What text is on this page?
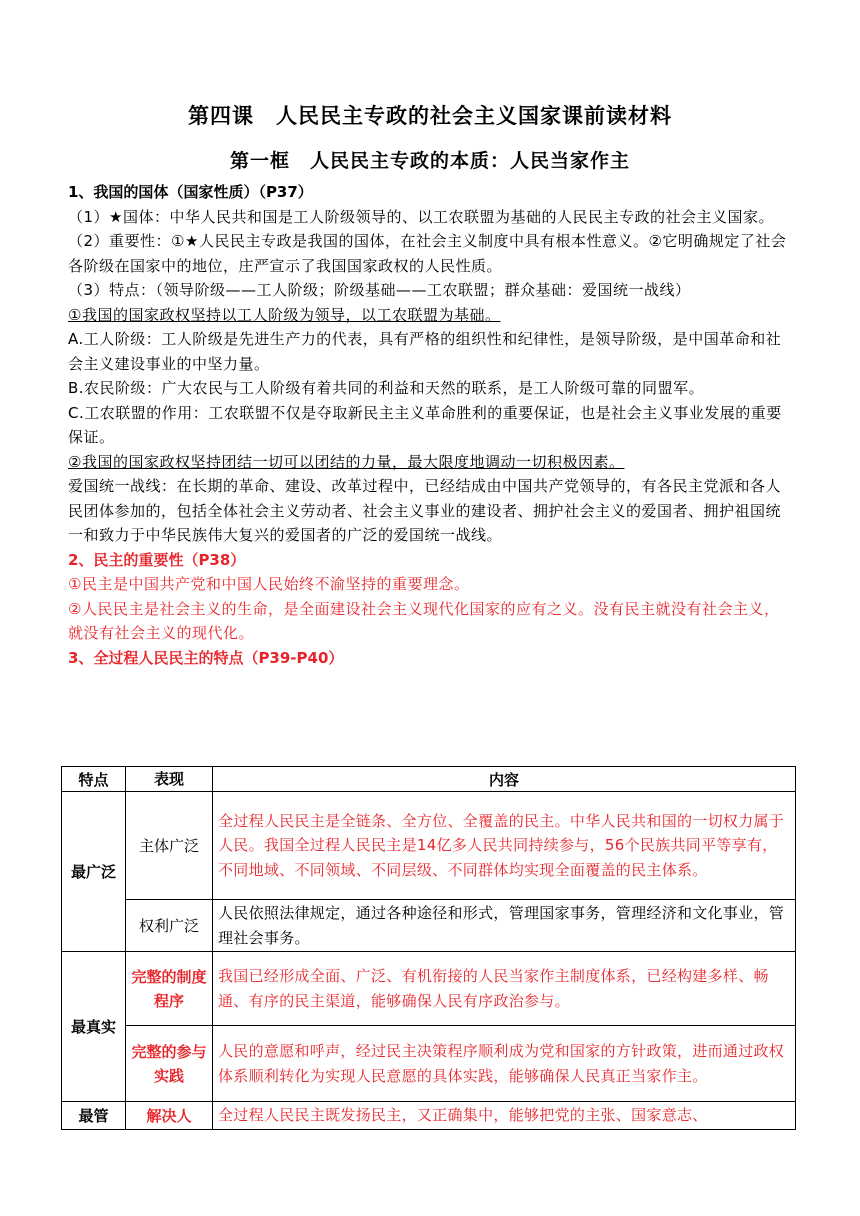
第四课　人民民主专政的社会主义国家课前读材料
第一框　人民民主专政的本质：人民当家作主

1、我国的国体（国家性质）（P37）

（1）★国体：中华人民共和国是工人阶级领导的、以工农联盟为基础的人民民主专政的社会主义国家。

（2）重要性：①★人民民主专政是我国的国体，在社会主义制度中具有根本性意义。②它明确规定了社会各阶级在国家中的地位，庄严宣示了我国国家政权的人民性质。

（3）特点：（领导阶级——工人阶级；阶级基础——工农联盟；群众基础：爱国统一战线）

①我国的国家政权坚持以工人阶级为领导，以工农联盟为基础。

A.工人阶级：工人阶级是先进生产力的代表，具有严格的组织性和纪律性，是领导阶级，是中国革命和社会主义建设事业的中坚力量。

B.农民阶级：广大农民与工人阶级有着共同的利益和天然的联系，是工人阶级可靠的同盟军。

C.工农联盟的作用：工农联盟不仅是夺取新民主主义革命胜利的重要保证，也是社会主义事业发展的重要保证。

②我国的国家政权坚持团结一切可以团结的力量，最大限度地调动一切积极因素。

爱国统一战线：在长期的革命、建设、改革过程中，已经结成由中国共产党领导的，有各民主党派和各人民团体参加的，包括全体社会主义劳动者、社会主义事业的建设者、拥护社会主义的爱国者、拥护祖国统一和致力于中华民族伟大复兴的爱国者的广泛的爱国统一战线。

2、民主的重要性（P38）

①民主是中国共产党和中国人民始终不渝坚持的重要理念。

②人民民主是社会主义的生命，是全面建设社会主义现代化国家的应有之义。没有民主就没有社会主义，就没有社会主义的现代化。

3、全过程人民民主的特点（P39-P40）

特点	表现	内容
最广泛	主体广泛	全过程人民民主是全链条、全方位、全覆盖的民主。中华人民共和国的一切权力属于人民。我国全过程人民民主是14亿多人民共同持续参与，56个民族共同平等享有，不同地域、不同领域、不同层级、不同群体均实现全面覆盖的民主体系。
	权利广泛	人民依照法律规定，通过各种途径和形式，管理国家事务，管理经济和文化事业，管理社会事务。
最真实	完整的制度程序	我国已经形成全面、广泛、有机衔接的人民当家作主制度体系，已经构建多样、畅通、有序的民主渠道，能够确保人民有序政治参与。
	完整的参与实践	人民的意愿和呼声，经过民主决策程序顺利成为党和国家的方针政策，进而通过政权体系顺利转化为实现人民意愿的具体实践，能够确保人民真正当家作主。
最管	解决人	全过程人民民主既发扬民主，又正确集中，能够把党的主张、国家意志、
